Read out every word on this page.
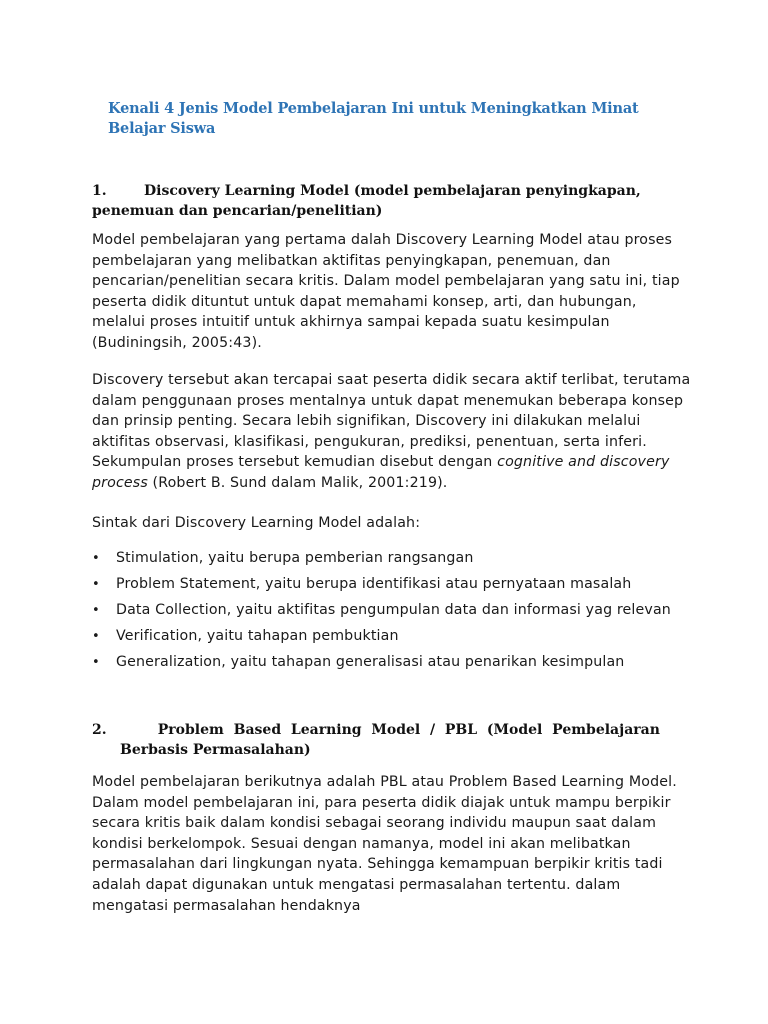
Kenali 4 Jenis Model Pembelajaran Ini untuk Meningkatkan Minat Belajar Siswa
1.	Discovery Learning Model (model pembelajaran penyingkapan,
penemuan dan pencarian/penelitian)
Model pembelajaran yang pertama dalah Discovery Learning Model atau proses pembelajaran yang melibatkan aktifitas penyingkapan, penemuan, dan pencarian/penelitian secara kritis. Dalam model pembelajaran yang satu ini, tiap peserta didik dituntut untuk dapat memahami konsep, arti, dan hubungan, melalui proses intuitif untuk akhirnya sampai kepada suatu kesimpulan (Budiningsih, 2005:43).
Discovery tersebut akan tercapai saat peserta didik secara aktif terlibat, terutama dalam penggunaan proses mentalnya untuk dapat menemukan beberapa konsep dan prinsip penting. Secara lebih signifikan, Discovery ini dilakukan melalui aktifitas observasi, klasifikasi, pengukuran, prediksi, penentuan, serta inferi. Sekumpulan proses tersebut kemudian disebut dengan cognitive and discovery process (Robert B. Sund dalam Malik, 2001:219).
Sintak dari Discovery Learning Model adalah:
• Stimulation, yaitu berupa pemberian rangsangan
• Problem Statement, yaitu berupa identifikasi atau pernyataan masalah
• Data Collection, yaitu aktifitas pengumpulan data dan informasi yag relevan
• Verification, yaitu tahapan pembuktian
• Generalization, yaitu tahapan generalisasi atau penarikan kesimpulan
2.	Problem Based Learning Model / PBL (Model Pembelajaran
Berbasis Permasalahan)
Model pembelajaran berikutnya adalah PBL atau Problem Based Learning Model. Dalam model pembelajaran ini, para peserta didik diajak untuk mampu berpikir secara kritis baik dalam kondisi sebagai seorang individu maupun saat dalam kondisi berkelompok. Sesuai dengan namanya, model ini akan melibatkan permasalahan dari lingkungan nyata. Sehingga kemampuan berpikir kritis tadi adalah dapat digunakan untuk mengatasi permasalahan tertentu. dalam mengatasi permasalahan hendaknya
